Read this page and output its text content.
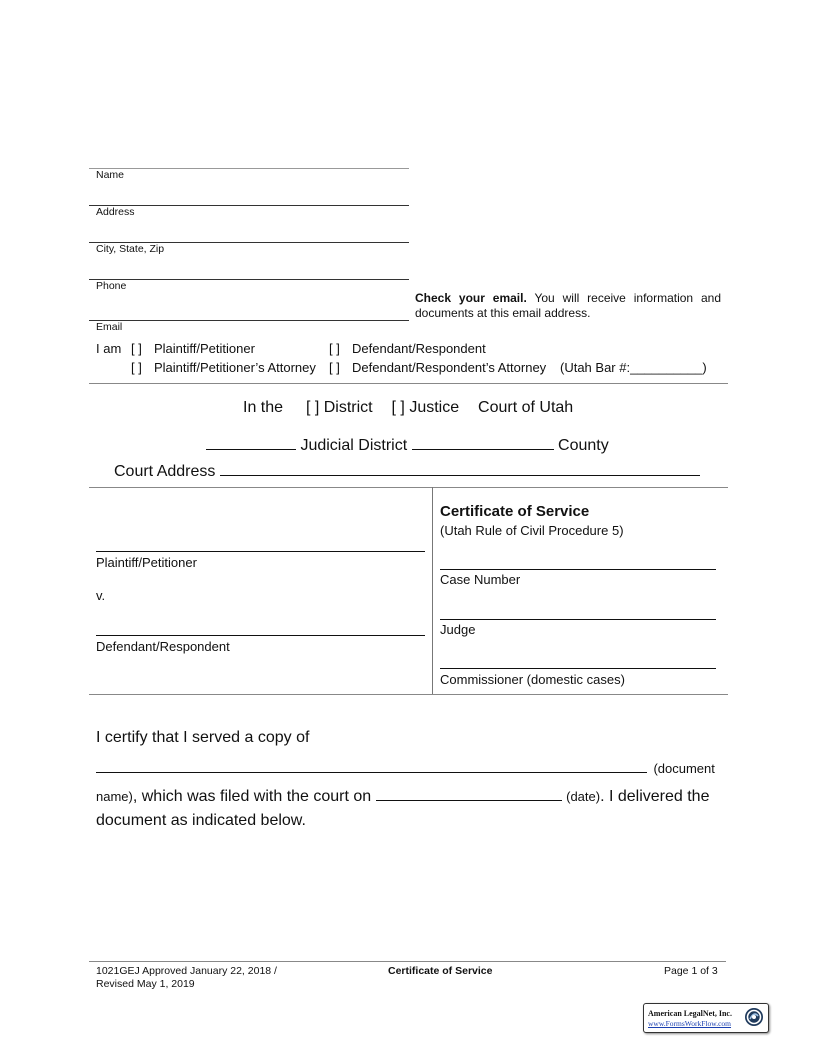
Name
Address
City, State, Zip
Phone
Email
Check your email. You will receive information and documents at this email address.
I am [ ] Plaintiff/Petitioner	[ ] Defendant/Respondent
[ ] Plaintiff/Petitioner’s Attorney [ ] Defendant/Respondent’s Attorney (Utah Bar #:__________)
In the [ ] District [ ] Justice Court of Utah
Judicial District	County
Court Address
Plaintiff/Petitioner
v.
Defendant/Respondent
Certificate of Service
(Utah Rule of Civil Procedure 5)
Case Number
Judge
Commissioner (domestic cases)
I certify that I served a copy of
(document
name), which was filed with the court on	(date). I delivered the
document as indicated below.
1021GEJ Approved January 22, 2018 /
Revised May 1, 2019
Certificate of Service	Page 1 of 3
American LegalNet, Inc.
www.FormsWorkFlow.com
